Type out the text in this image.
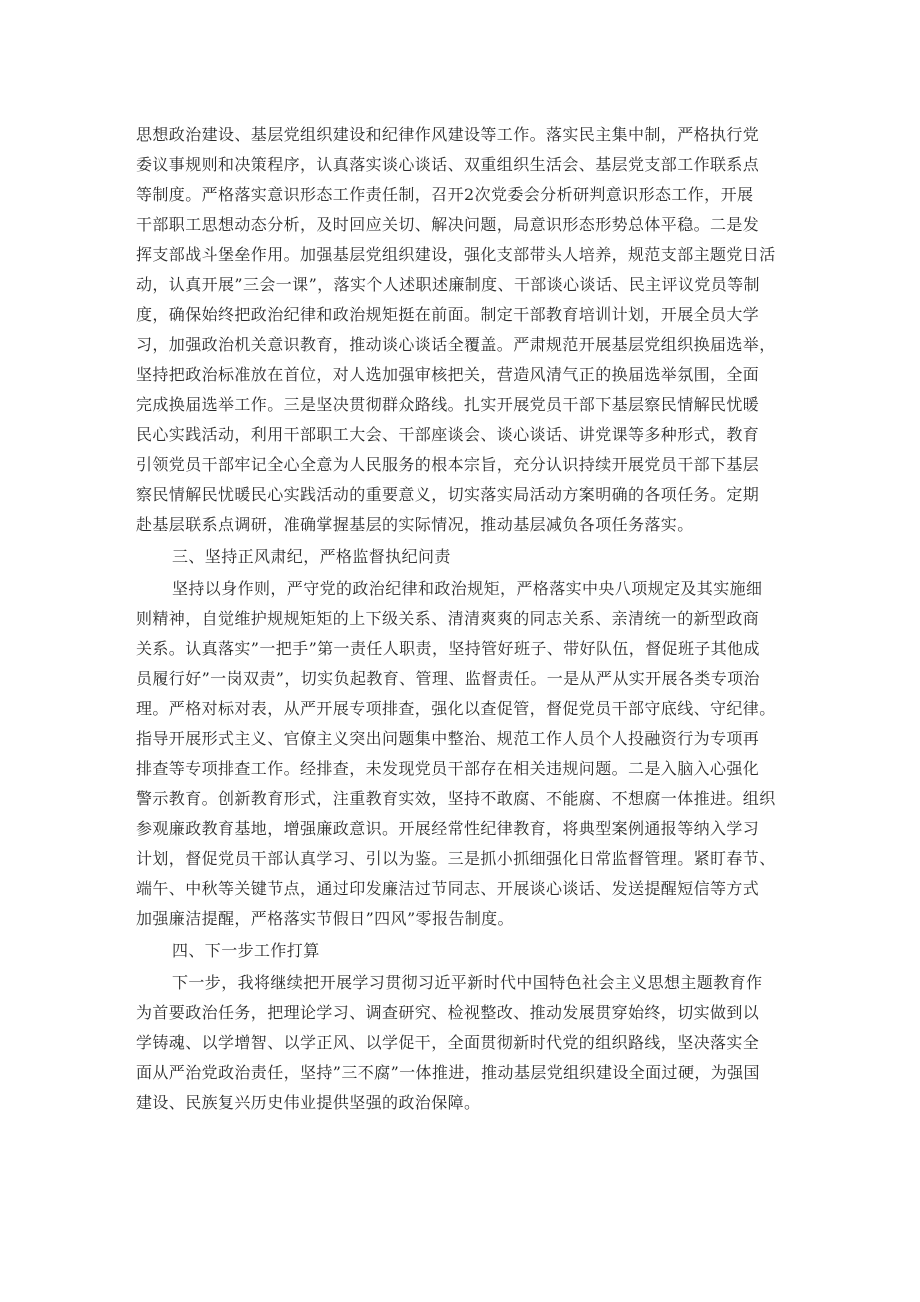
思想政治建设、基层党组织建设和纪律作风建设等工作。落实民主集中制，严格执行党
委议事规则和决策程序，认真落实谈心谈话、双重组织生活会、基层党支部工作联系点
等制度。严格落实意识形态工作责任制，召开2次党委会分析研判意识形态工作，开展
干部职工思想动态分析，及时回应关切、解决问题，局意识形态形势总体平稳。二是发
挥支部战斗堡垒作用。加强基层党组织建设，强化支部带头人培养，规范支部主题党日活
动，认真开展”三会一课”，落实个人述职述廉制度、干部谈心谈话、民主评议党员等制
度，确保始终把政治纪律和政治规矩挺在前面。制定干部教育培训计划，开展全员大学
习，加强政治机关意识教育，推动谈心谈话全覆盖。严肃规范开展基层党组织换届选举，
坚持把政治标准放在首位，对人选加强审核把关，营造风清气正的换届选举氛围，全面
完成换届选举工作。三是坚决贯彻群众路线。扎实开展党员干部下基层察民情解民忧暖
民心实践活动，利用干部职工大会、干部座谈会、谈心谈话、讲党课等多种形式，教育
引领党员干部牢记全心全意为人民服务的根本宗旨，充分认识持续开展党员干部下基层
察民情解民忧暖民心实践活动的重要意义，切实落实局活动方案明确的各项任务。定期
赴基层联系点调研，准确掌握基层的实际情况，推动基层减负各项任务落实。
三、坚持正风肃纪，严格监督执纪问责
坚持以身作则，严守党的政治纪律和政治规矩，严格落实中央八项规定及其实施细
则精神，自觉维护规规矩矩的上下级关系、清清爽爽的同志关系、亲清统一的新型政商
关系。认真落实”一把手”第一责任人职责，坚持管好班子、带好队伍，督促班子其他成
员履行好”一岗双责”，切实负起教育、管理、监督责任。一是从严从实开展各类专项治
理。严格对标对表，从严开展专项排查，强化以查促管，督促党员干部守底线、守纪律。
指导开展形式主义、官僚主义突出问题集中整治、规范工作人员个人投融资行为专项再
排查等专项排查工作。经排查，未发现党员干部存在相关违规问题。二是入脑入心强化
警示教育。创新教育形式，注重教育实效，坚持不敢腐、不能腐、不想腐一体推进。组织
参观廉政教育基地，增强廉政意识。开展经常性纪律教育，将典型案例通报等纳入学习
计划，督促党员干部认真学习、引以为鉴。三是抓小抓细强化日常监督管理。紧盯春节、
端午、中秋等关键节点，通过印发廉洁过节同志、开展谈心谈话、发送提醒短信等方式
加强廉洁提醒，严格落实节假日”四风”零报告制度。
四、下一步工作打算
下一步，我将继续把开展学习贯彻习近平新时代中国特色社会主义思想主题教育作
为首要政治任务，把理论学习、调查研究、检视整改、推动发展贯穿始终，切实做到以
学铸魂、以学增智、以学正风、以学促干，全面贯彻新时代党的组织路线，坚决落实全
面从严治党政治责任，坚持”三不腐”一体推进，推动基层党组织建设全面过硬，为强国
建设、民族复兴历史伟业提供坚强的政治保障。
